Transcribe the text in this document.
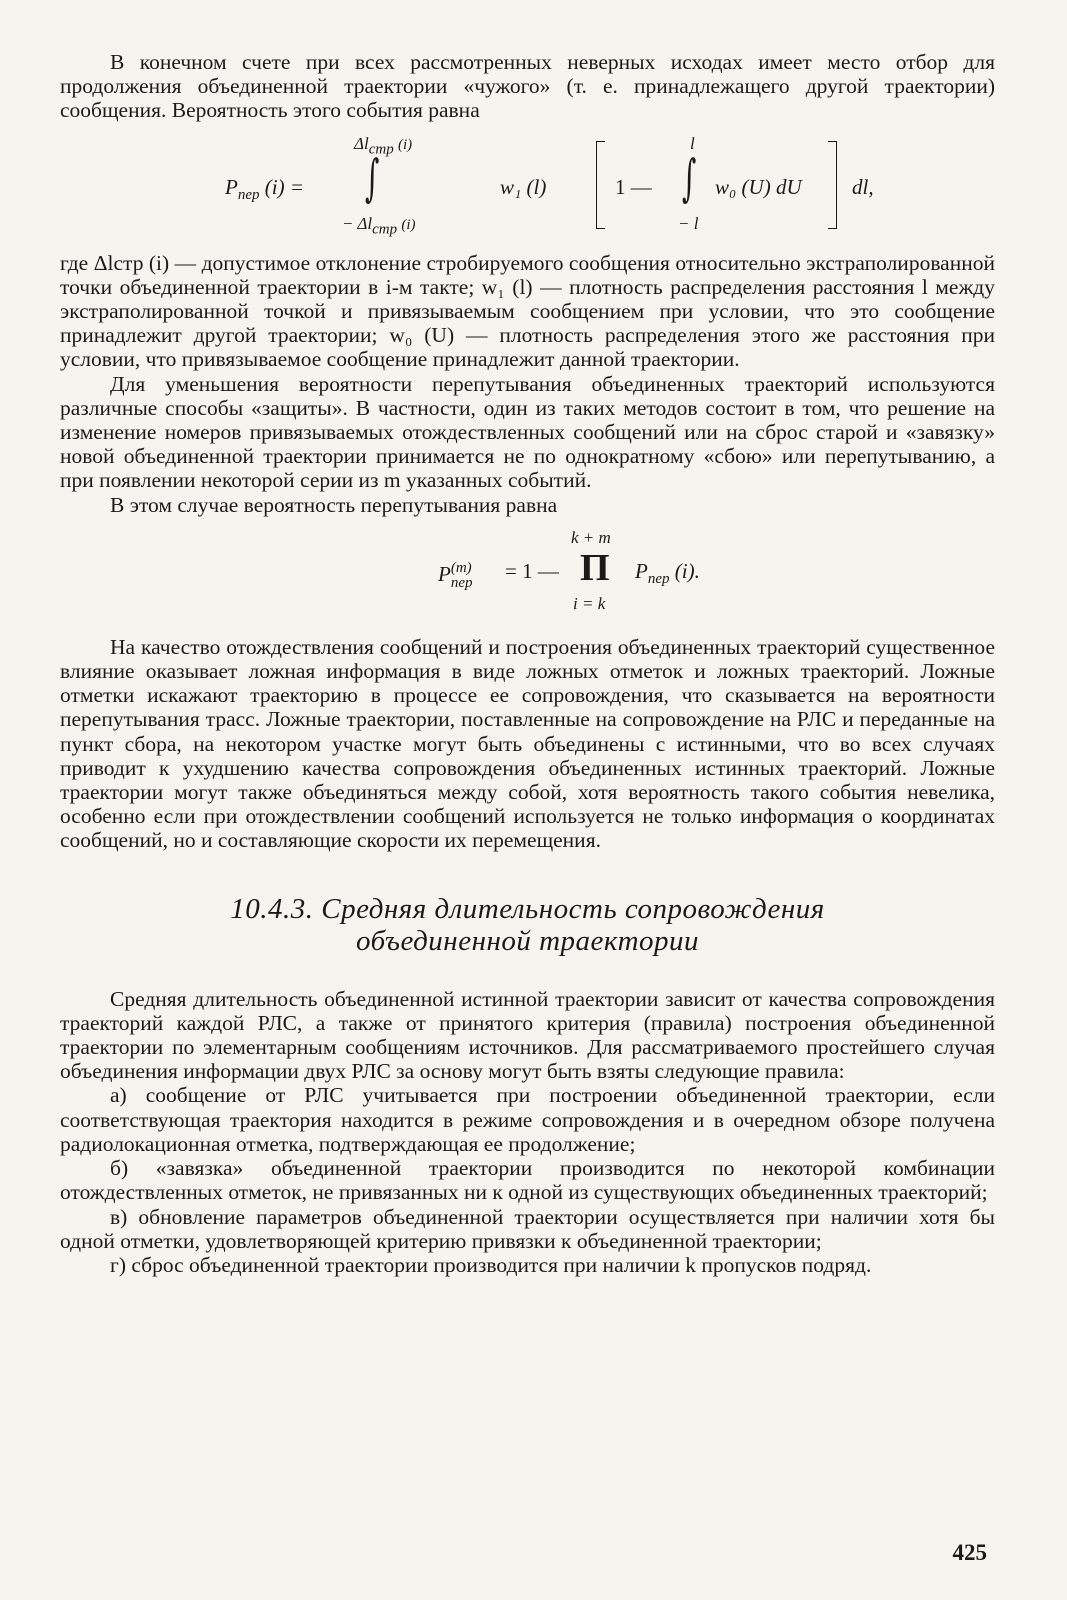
В конечном счете при всех рассмотренных неверных исходах имеет место отбор для продолжения объединенной траектории «чужого» (т. е. принадлежащего другой траектории) сообщения. Вероятность этого события равна

$P_{пер}$ (i) =
$\Delta l_{стр}$ (i)
∫
− $\Delta l_{стр}$ (i)
w₁ (l)	1 —
l
∫
− l
w₀ (U) dU dl,

где Δlстр (i) — допустимое отклонение стробируемого сообщения относительно экстраполированной точки объединенной траектории в i-м такте; w₁ (l) — плотность распределения расстояния l между экстраполированной точкой и привязываемым сообщением при условии, что это сообщение принадлежит другой траектории; w₀ (U) — плотность распределения этого же расстояния при условии, что привязываемое сообщение принадлежит данной траектории.

Для уменьшения вероятности перепутывания объединенных траекторий используются различные способы «защиты». В частности, один из таких методов состоит в том, что решение на изменение номеров привязываемых отождествленных сообщений или на сброс старой и «завязку» новой объединенной траектории принимается не по однократному «сбою» или перепутыванию, а при появлении некоторой серии из m указанных событий.

В этом случае вероятность перепутывания равна

P (m)
пер = 1 —
k + m
Π
i = k
$P_{пер}$ (i).

На качество отождествления сообщений и построения объединенных траекторий существенное влияние оказывает ложная информация в виде ложных отметок и ложных траекторий. Ложные отметки искажают траекторию в процессе ее сопровождения, что сказывается на вероятности перепутывания трасс. Ложные траектории, поставленные на сопровождение на РЛС и переданные на пункт сбора, на некотором участке могут быть объединены с истинными, что во всех случаях приводит к ухудшению качества сопровождения объединенных истинных траекторий. Ложные траектории могут также объединяться между собой, хотя вероятность такого события невелика, особенно если при отождествлении сообщений используется не только информация о координатах сообщений, но и составляющие скорости их перемещения.

10.4.3. Средняя длительность сопровождения
объединенной траектории

Средняя длительность объединенной истинной траектории зависит от качества сопровождения траекторий каждой РЛС, а также от принятого критерия (правила) построения объединенной траектории по элементарным сообщениям источников. Для рассматриваемого простейшего случая объединения информации двух РЛС за основу могут быть взяты следующие правила:

а) сообщение от РЛС учитывается при построении объединенной траектории, если соответствующая траектория находится в режиме сопровождения и в очередном обзоре получена радиолокационная отметка, подтверждающая ее продолжение;

б) «завязка» объединенной траектории производится по некоторой комбинации отождествленных отметок, не привязанных ни к одной из существующих объединенных траекторий;

в) обновление параметров объединенной траектории осуществляется при наличии хотя бы одной отметки, удовлетворяющей критерию привязки к объединенной траектории;

г) сброс объединенной траектории производится при наличии k пропусков подряд.

425
